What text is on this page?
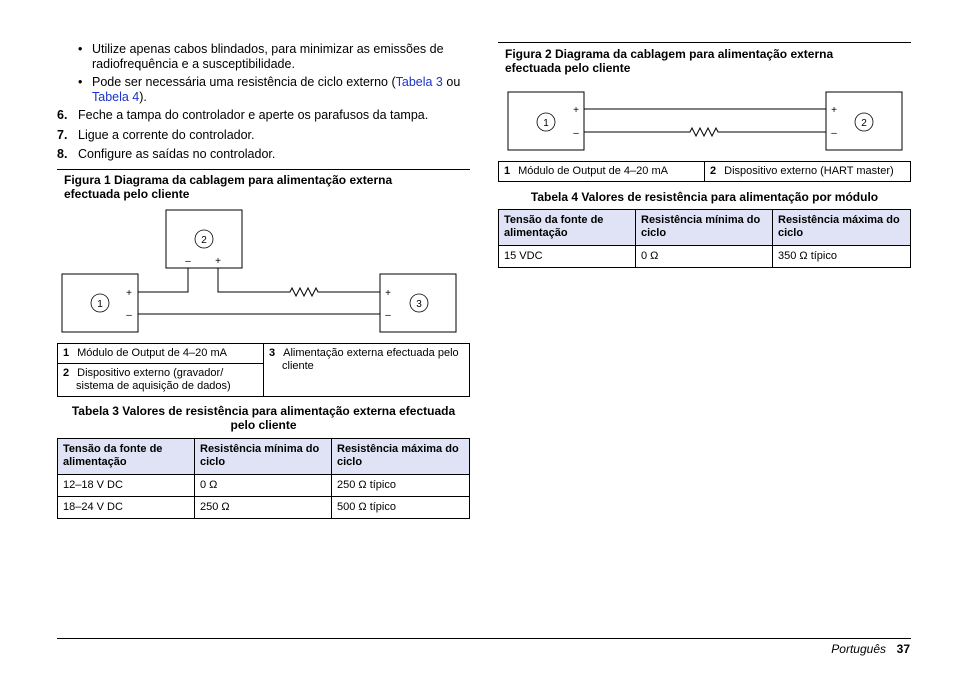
• Utilize apenas cabos blindados, para minimizar as emissões de
radiofrequência e a susceptibilidade.
• Pode ser necessária uma resistência de ciclo externo (Tabela 3 ou
Tabela 4).
6. Feche a tampa do controlador e aperte os parafusos da tampa.
7. Ligue a corrente do controlador.
8. Configure as saídas no controlador.
Figura 1 Diagrama da cablagem para alimentação externa
efectuada pelo cliente
2
– +
1
+
–
3
+
–
1
+
–
2
+
–
1 Módulo de Output de 4–20 mA	3 Alimentação externa efectuada pelo
cliente
2 Dispositivo externo (gravador/
sistema de aquisição de dados)
Tabela 3 Valores de resistência para alimentação externa efectuada
pelo cliente
Tensão da fonte de
alimentação	Resistência mínima do
ciclo	Resistência máxima do
ciclo
12–18 V DC	0 Ω	250 Ω típico
18–24 V DC	250 Ω	500 Ω típico
Figura 2 Diagrama da cablagem para alimentação externa
efectuada pelo cliente
1 Módulo de Output de 4–20 mA	2 Dispositivo externo (HART master)
Tabela 4 Valores de resistência para alimentação por módulo
Tensão da fonte de
alimentação	Resistência mínima do
ciclo	Resistência máxima do
ciclo
15 VDC	0 Ω	350 Ω típico
Português 37
